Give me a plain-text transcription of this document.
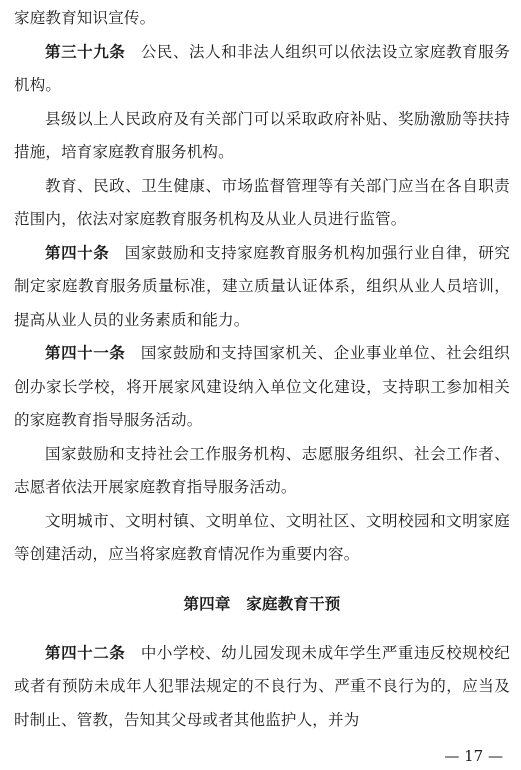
家庭教育知识宣传。

第三十九条 公民、法人和非法人组织可以依法设立家庭教育服务机构。

县级以上人民政府及有关部门可以采取政府补贴、奖励激励等扶持措施，培育家庭教育服务机构。

教育、民政、卫生健康、市场监督管理等有关部门应当在各自职责范围内，依法对家庭教育服务机构及从业人员进行监管。

第四十条 国家鼓励和支持家庭教育服务机构加强行业自律，研究制定家庭教育服务质量标准，建立质量认证体系，组织从业人员培训，提高从业人员的业务素质和能力。

第四十一条 国家鼓励和支持国家机关、企业事业单位、社会组织创办家长学校，将开展家风建设纳入单位文化建设，支持职工参加相关的家庭教育指导服务活动。

国家鼓励和支持社会工作服务机构、志愿服务组织、社会工作者、志愿者依法开展家庭教育指导服务活动。

文明城市、文明村镇、文明单位、文明社区、文明校园和文明家庭等创建活动，应当将家庭教育情况作为重要内容。

第四章　家庭教育干预

第四十二条 中小学校、幼儿园发现未成年学生严重违反校规校纪或者有预防未成年人犯罪法规定的不良行为、严重不良行为的，应当及时制止、管教，告知其父母或者其他监护人，并为

— 17 —
